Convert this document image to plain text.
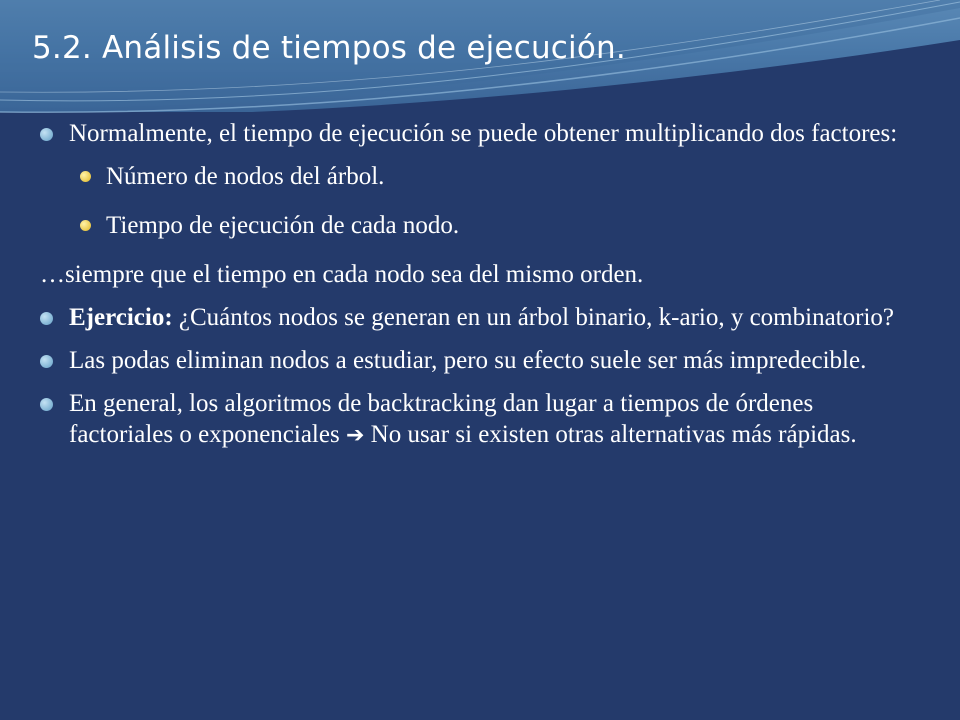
5.2. Análisis de tiempos de ejecución.
Normalmente, el tiempo de ejecución se puede obtener multiplicando dos factores:
Número de nodos del árbol.
Tiempo de ejecución de cada nodo.
…siempre que el tiempo en cada nodo sea del mismo orden.
Ejercicio: ¿Cuántos nodos se generan en un árbol binario, k-ario, y combinatorio?
Las podas eliminan nodos a estudiar, pero su efecto suele ser más impredecible.
En general, los algoritmos de backtracking dan lugar a tiempos de órdenes factoriales o exponenciales ➔ No usar si existen otras alternativas más rápidas.
